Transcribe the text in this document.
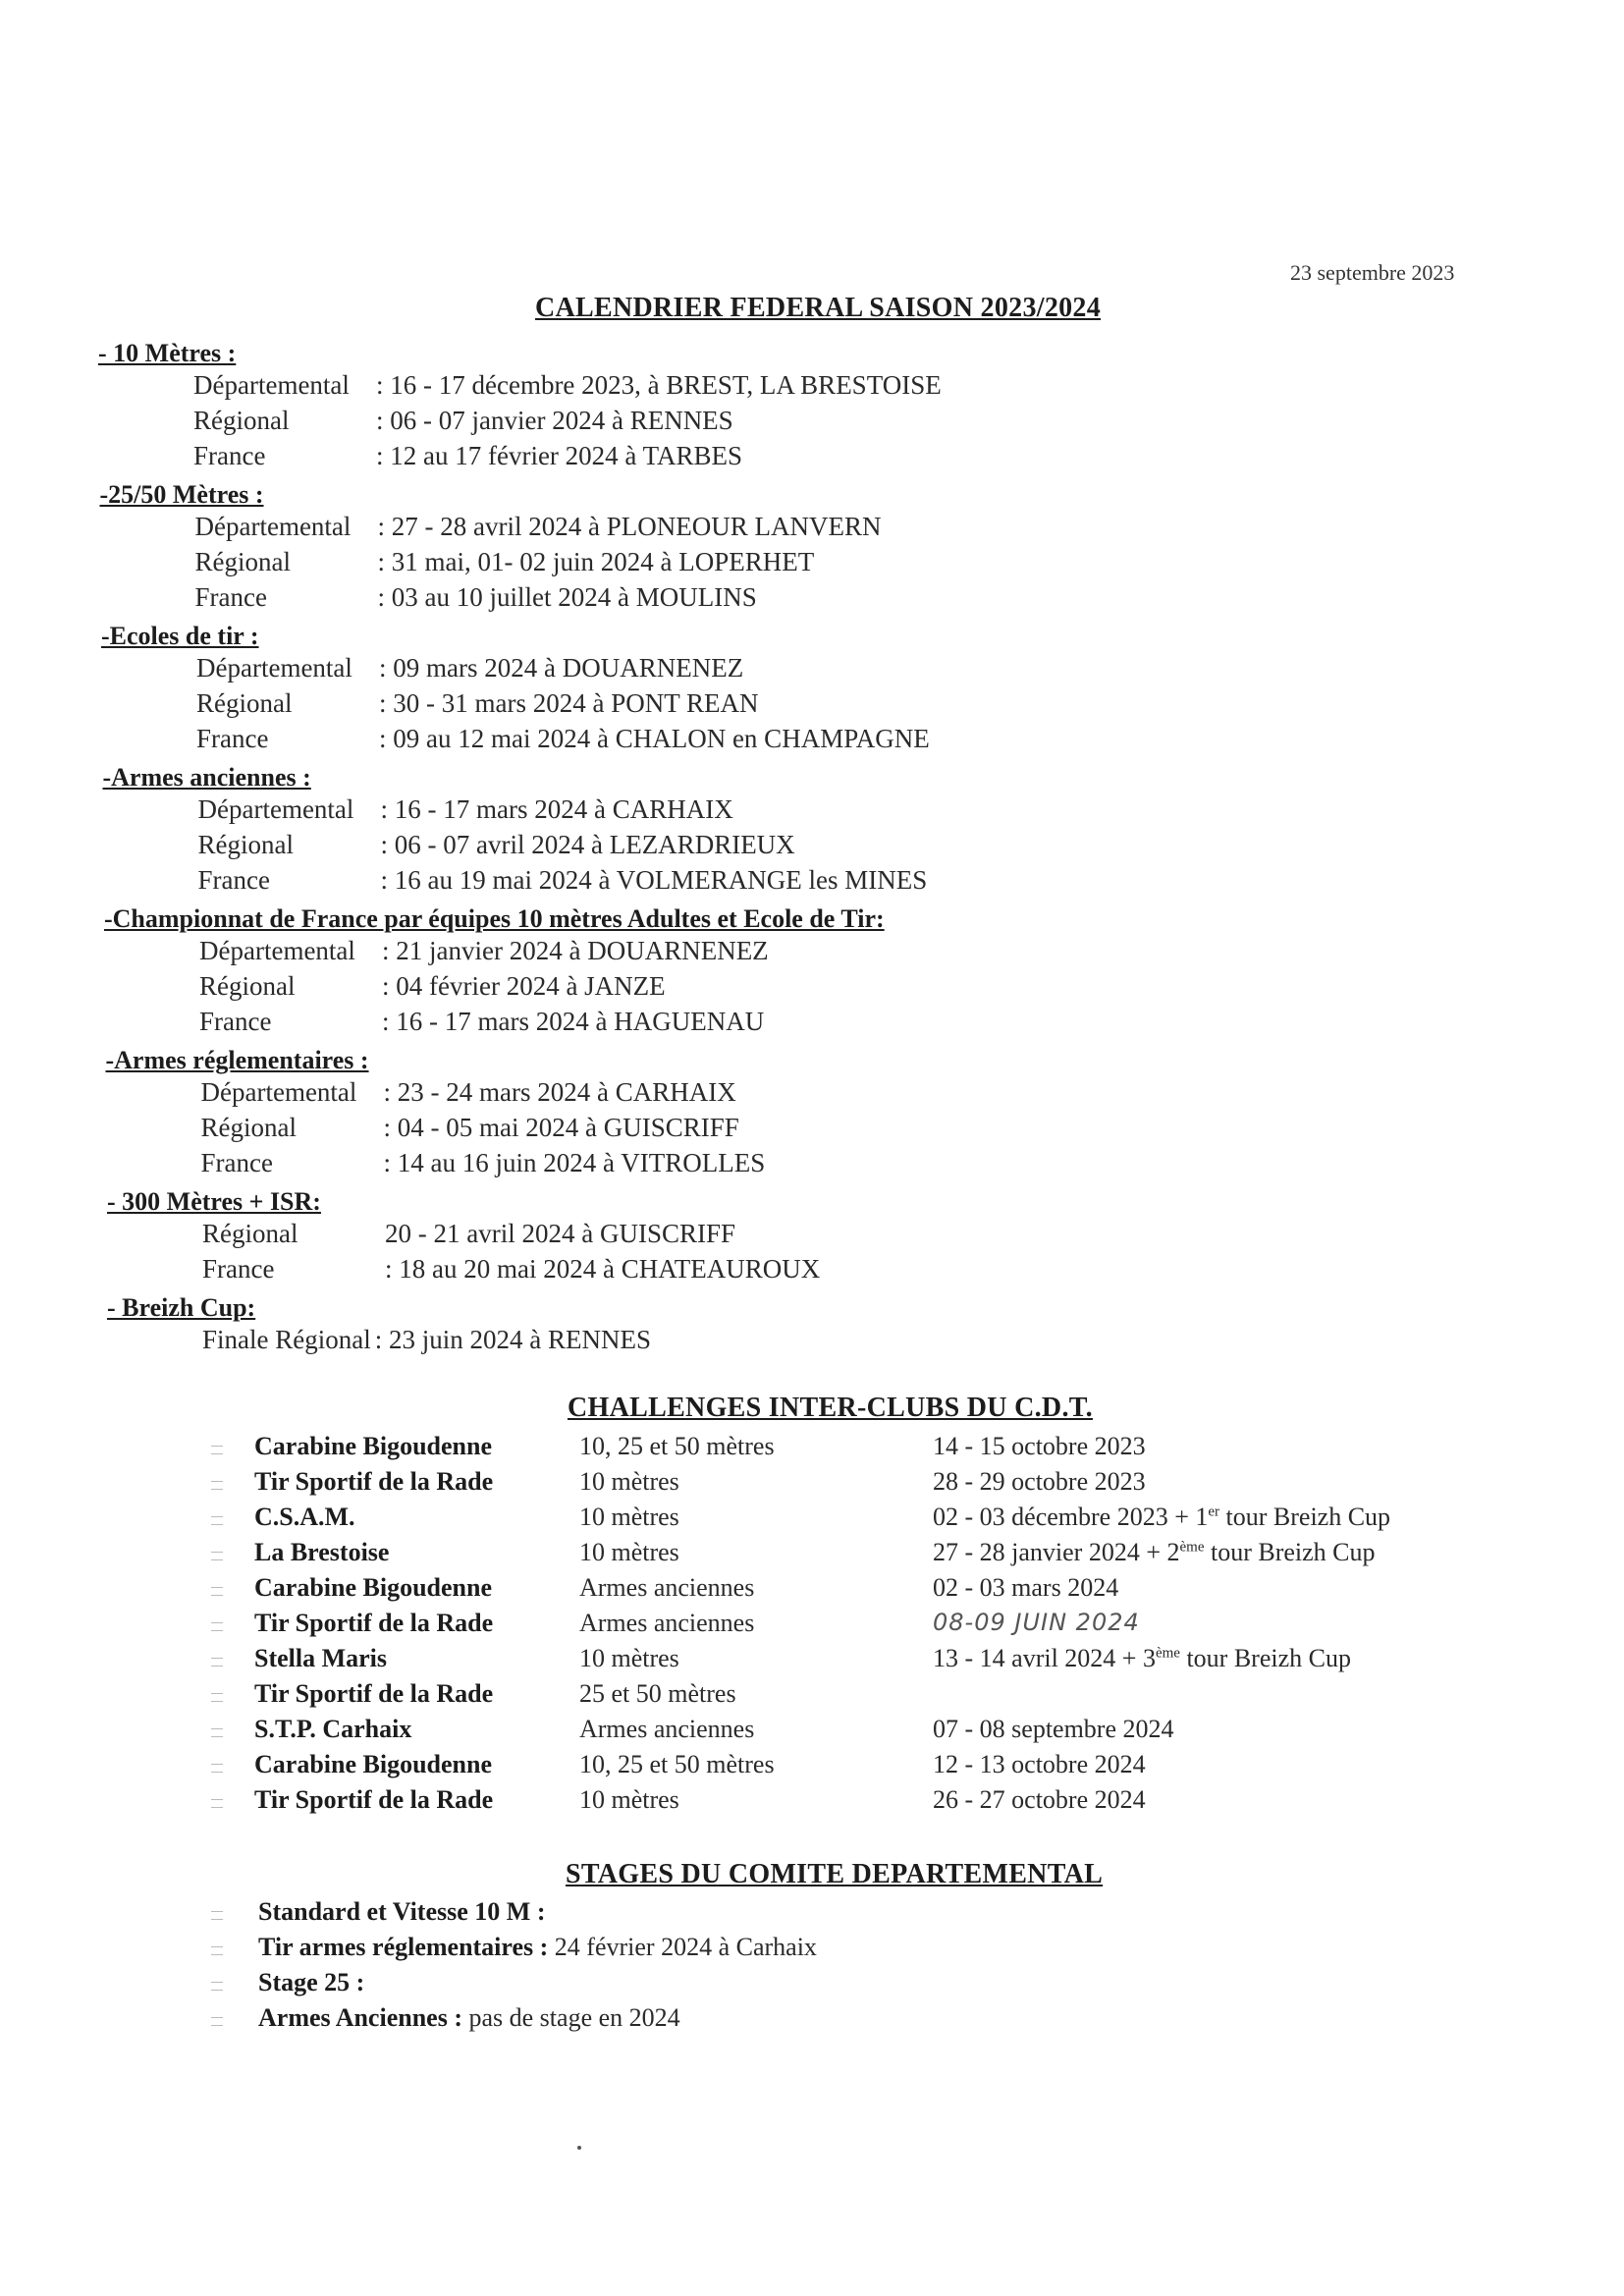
23 septembre 2023
CALENDRIER FEDERAL SAISON 2023/2024
- 10 Mètres :
Départemental : 16 - 17 décembre 2023, à BREST, LA BRESTOISE
Régional	: 06 - 07 janvier 2024 à RENNES
France	: 12 au 17 février 2024 à TARBES
-25/50 Mètres :
Départemental : 27 - 28 avril 2024 à PLONEOUR LANVERN
Régional	: 31 mai, 01- 02 juin 2024 à LOPERHET
France	: 03 au 10 juillet 2024 à MOULINS
-Ecoles de tir :
Départemental : 09 mars 2024 à DOUARNENEZ
Régional	: 30 - 31 mars 2024 à PONT REAN
France	: 09 au 12 mai 2024 à CHALON en CHAMPAGNE
-Armes anciennes :
Départemental : 16 - 17 mars 2024 à CARHAIX
Régional	: 06 - 07 avril 2024 à LEZARDRIEUX
France	: 16 au 19 mai 2024 à VOLMERANGE les MINES
-Championnat de France par équipes 10 mètres Adultes et Ecole de Tir:
Départemental : 21 janvier 2024 à DOUARNENEZ
Régional	: 04 février 2024 à JANZE
France	: 16 - 17 mars 2024 à HAGUENAU
-Armes réglementaires :
Départemental : 23 - 24 mars 2024 à CARHAIX
Régional	: 04 - 05 mai 2024 à GUISCRIFF
France	: 14 au 16 juin 2024 à VITROLLES
- 300 Mètres + ISR:
Régional	20 - 21 avril 2024 à GUISCRIFF
France	: 18 au 20 mai 2024 à CHATEAUROUX
- Breizh Cup:
Finale Régional : 23 juin 2024 à RENNES
CHALLENGES INTER-CLUBS DU C.D.T.
Carabine Bigoudenne	10, 25 et 50 mètres	14 - 15 octobre 2023
Tir Sportif de la Rade	10 mètres	28 - 29 octobre 2023
C.S.A.M.	10 mètres	02 - 03 décembre 2023 + 1er tour Breizh Cup
La Brestoise	10 mètres	27 - 28 janvier 2024 + 2ème tour Breizh Cup
Carabine Bigoudenne	Armes anciennes	02 - 03 mars 2024
Tir Sportif de la Rade	Armes anciennes	08-09 JUIN 2024
Stella Maris	10 mètres	13 - 14 avril 2024 + 3ème tour Breizh Cup
Tir Sportif de la Rade	25 et 50 mètres
S.T.P. Carhaix	Armes anciennes	07 - 08 septembre 2024
Carabine Bigoudenne	10, 25 et 50 mètres	12 - 13 octobre 2024
Tir Sportif de la Rade	10 mètres	26 - 27 octobre 2024
STAGES DU COMITE DEPARTEMENTAL
Standard et Vitesse 10 M :
Tir armes réglementaires : 24 février 2024 à Carhaix
Stage 25 :
Armes Anciennes : pas de stage en 2024
